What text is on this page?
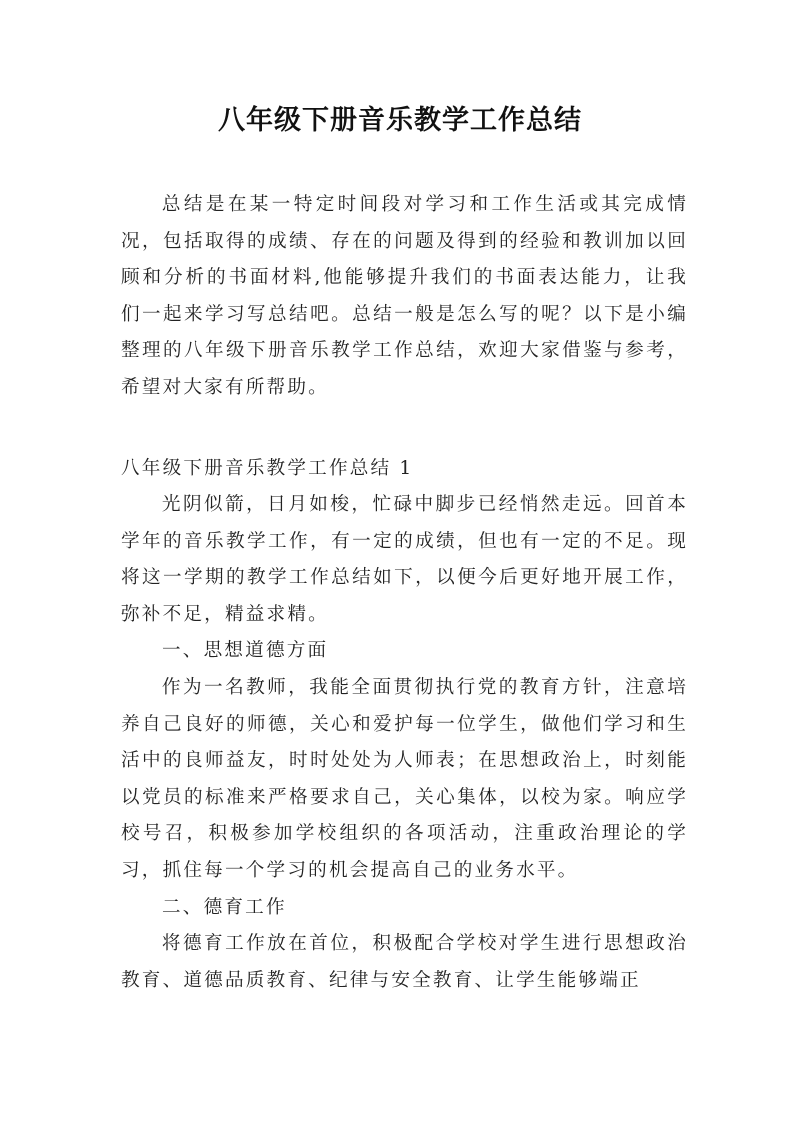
八年级下册音乐教学工作总结
总结是在某一特定时间段对学习和工作生活或其完成情况，包括取得的成绩、存在的问题及得到的经验和教训加以回顾和分析的书面材料,他能够提升我们的书面表达能力，让我们一起来学习写总结吧。总结一般是怎么写的呢？以下是小编整理的八年级下册音乐教学工作总结，欢迎大家借鉴与参考，希望对大家有所帮助。
八年级下册音乐教学工作总结 1
光阴似箭，日月如梭，忙碌中脚步已经悄然走远。回首本学年的音乐教学工作，有一定的成绩，但也有一定的不足。现将这一学期的教学工作总结如下，以便今后更好地开展工作，弥补不足，精益求精。
一、思想道德方面
作为一名教师，我能全面贯彻执行党的教育方针，注意培养自己良好的师德，关心和爱护每一位学生，做他们学习和生活中的良师益友，时时处处为人师表；在思想政治上，时刻能以党员的标准来严格要求自己，关心集体，以校为家。响应学校号召，积极参加学校组织的各项活动，注重政治理论的学习，抓住每一个学习的机会提高自己的业务水平。
二、德育工作
将德育工作放在首位，积极配合学校对学生进行思想政治教育、道德品质教育、纪律与安全教育、让学生能够端正
